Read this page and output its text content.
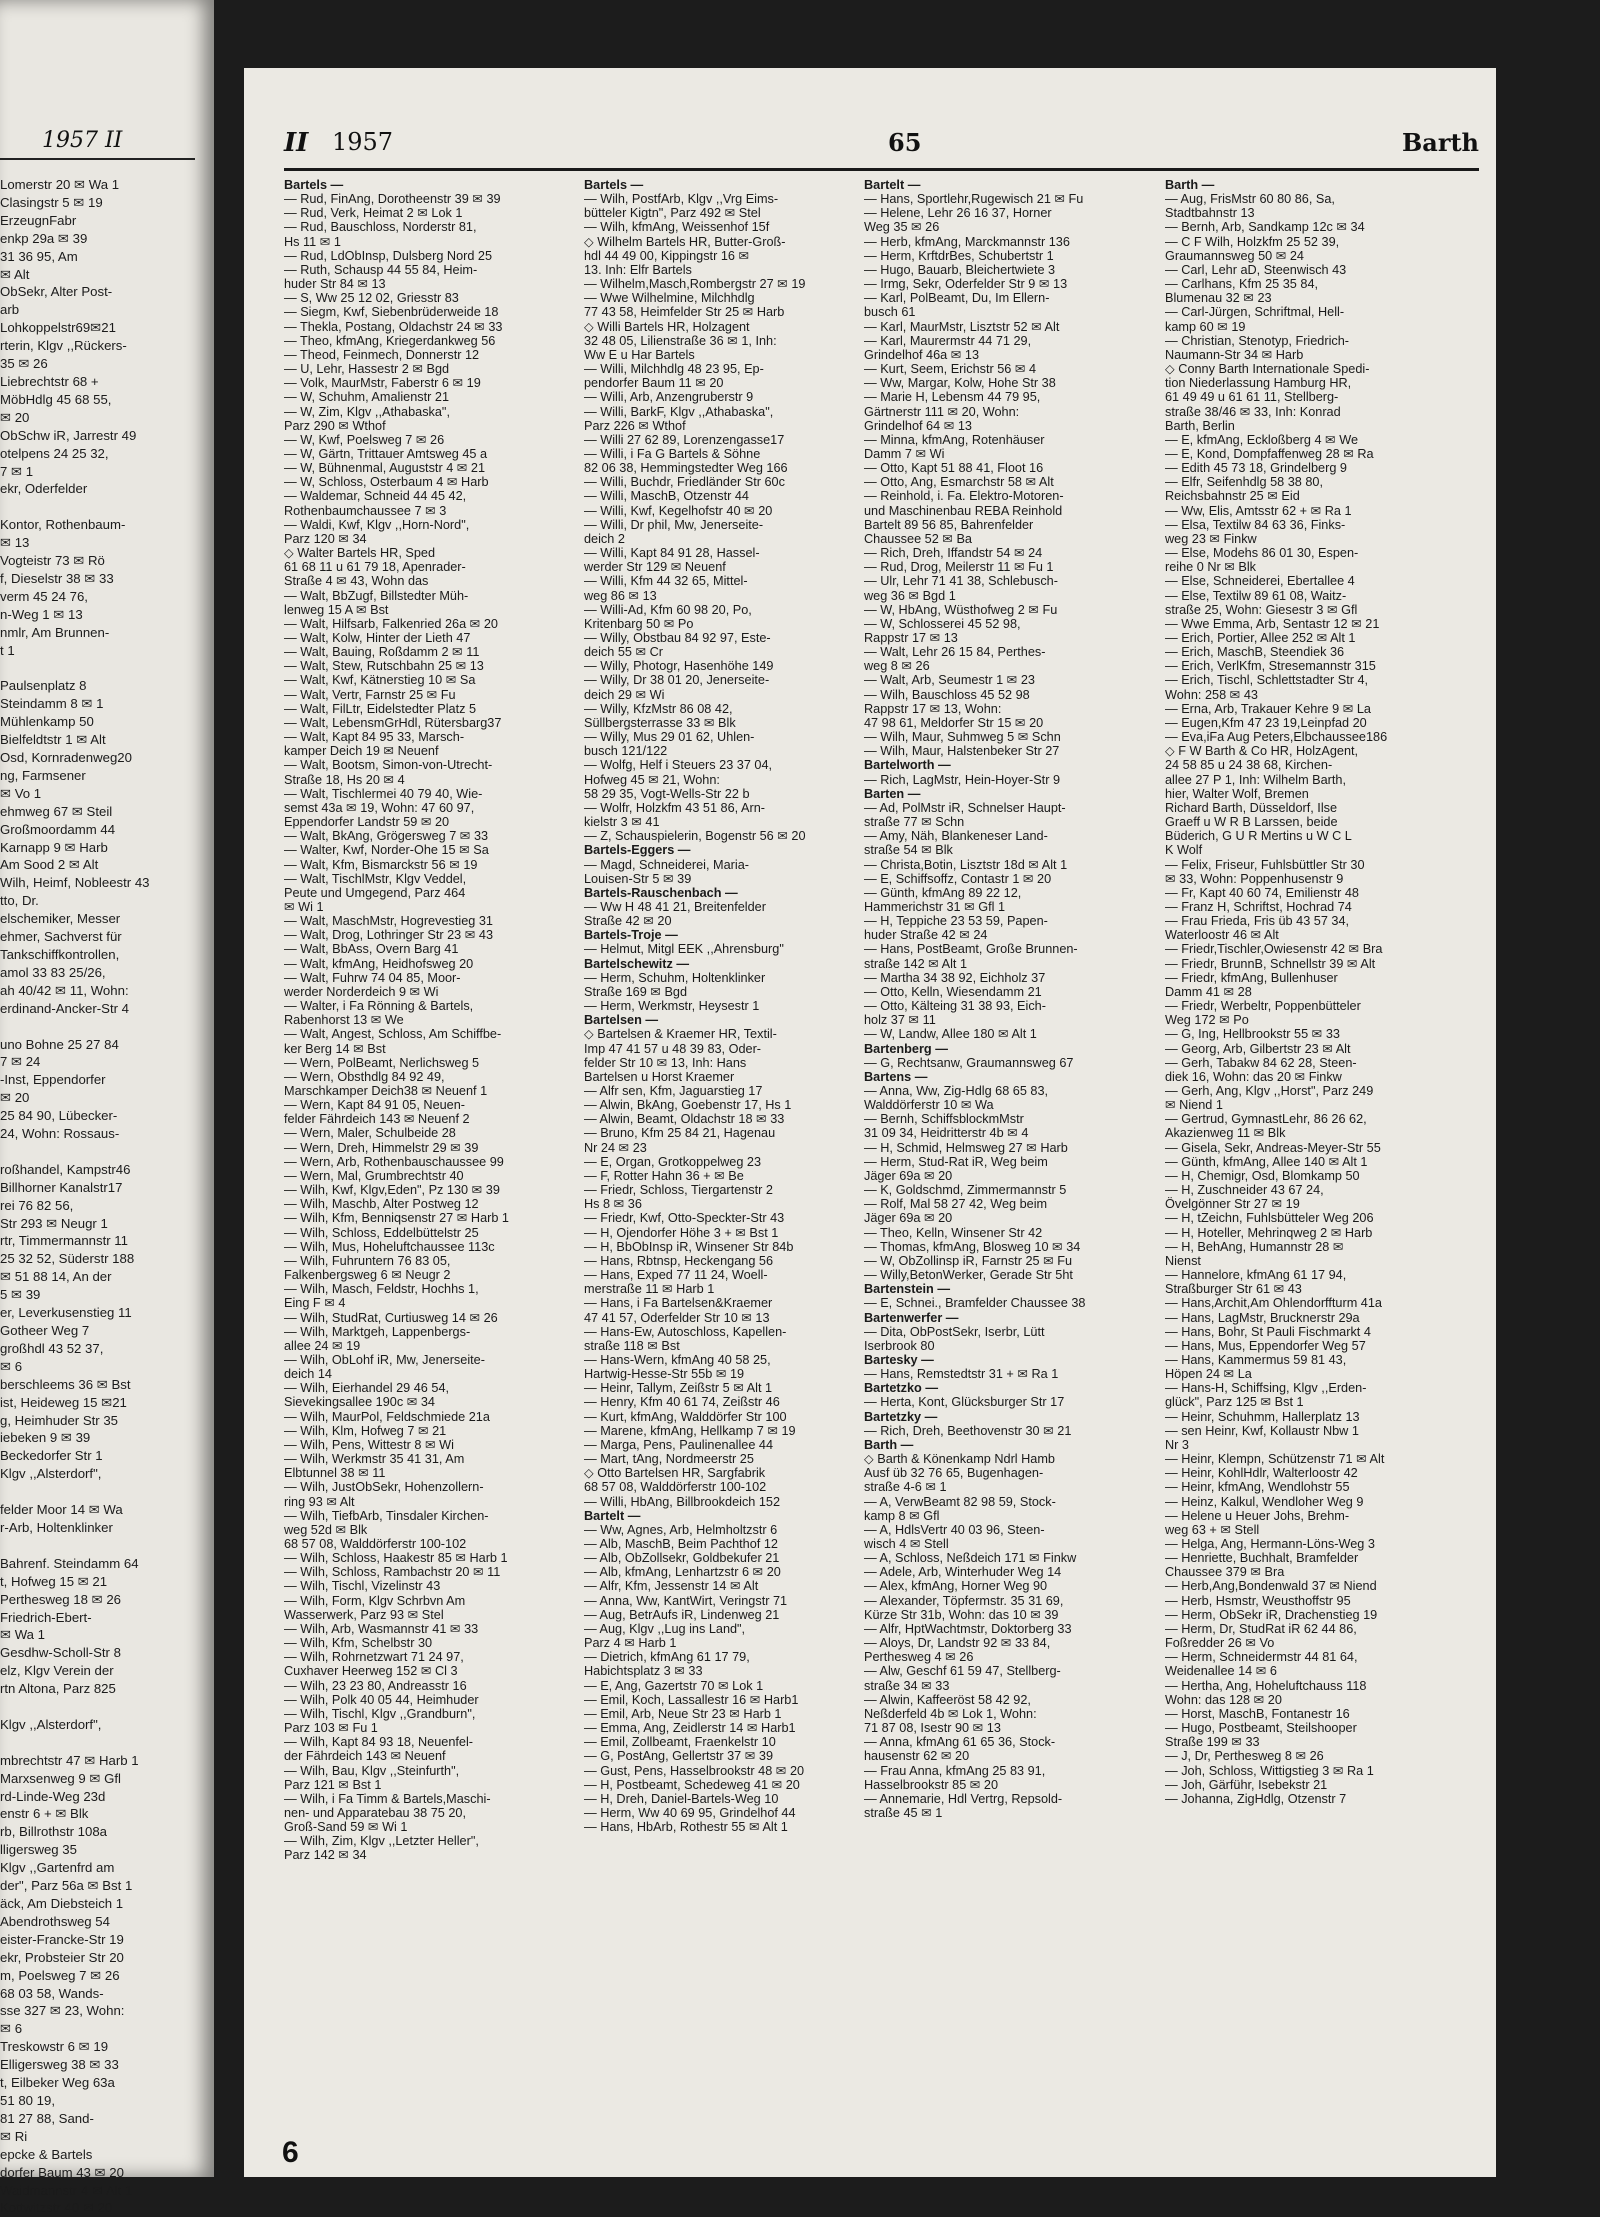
1957 II
Lomerstr 20 ✉ Wa 1
Clasingstr 5 ✉ 19
ErzeugnFabr
enkp 29a ✉ 39
31 36 95, Am
✉ Alt
ObSekr, Alter Post-
arb
Lohkoppelstr69✉21
rterin, Klgv ,,Rückers-
35 ✉ 26
Liebrechtstr 68 +
MöbHdlg 45 68 55,
✉ 20
ObSchw iR, Jarrestr 49
otelpens 24 25 32,
7 ✉ 1
ekr, Oderfelder

Kontor, Rothenbaum-
✉ 13
Vogteistr 73 ✉ Rö
f, Dieselstr 38 ✉ 33
verm 45 24 76,
n-Weg 1 ✉ 13
nmlr, Am Brunnen-
t 1

Paulsenplatz 8
Steindamm 8 ✉ 1
Mühlenkamp 50
Bielfeldtstr 1 ✉ Alt
Osd, Kornradenweg20
ng, Farmsener
✉ Vo 1
ehmweg 67 ✉ Steil
Großmoordamm 44
Karnapp 9 ✉ Harb
Am Sood 2 ✉ Alt
Wilh, Heimf, Nobleestr 43
tto, Dr.
elschemiker, Messer
ehmer, Sachverst für
Tankschiffkontrollen,
amol 33 83 25/26,
ah 40/42 ✉ 11, Wohn:
erdinand-Ancker-Str 4

uno Bohne 25 27 84
7 ✉ 24
-Inst, Eppendorfer
✉ 20
25 84 90, Lübecker-
24, Wohn: Rossaus-

roßhandel, Kampstr46
Billhorner Kanalstr17
rei 76 82 56,
Str 293 ✉ Neugr 1
rtr, Timmermannstr 11
25 32 52, Süderstr 188
✉ 51 88 14, An der
5 ✉ 39
er, Leverkusenstieg 11
Gotheer Weg 7
großhdl 43 52 37,
✉ 6
berschleems 36 ✉ Bst
ist, Heideweg 15 ✉21
g, Heimhuder Str 35
iebeken 9 ✉ 39
Beckedorfer Str 1
Klgv ,,Alsterdorf",

felder Moor 14 ✉ Wa
r-Arb, Holtenklinker

Bahrenf. Steindamm 64
t, Hofweg 15 ✉ 21
Perthesweg 18 ✉ 26
Friedrich-Ebert-
✉ Wa 1
Gesdhw-Scholl-Str 8
elz, Klgv Verein der
rtn Altona, Parz 825

Klgv ,,Alsterdorf",

mbrechtstr 47 ✉ Harb 1
Marxsenweg 9 ✉ Gfl
rd-Linde-Weg 23d
enstr 6 + ✉ Blk
rb, Billrothstr 108a
lligersweg 35
Klgv ,,Gartenfrd am
der", Parz 56a ✉ Bst 1
äck, Am Diebsteich 1
Abendrothsweg 54
eister-Francke-Str 19
ekr, Probsteier Str 20
m, Poelsweg 7 ✉ 26
68 03 58, Wands-
sse 327 ✉ 23, Wohn:
✉ 6
Treskowstr 6 ✉ 19
Elligersweg 38 ✉ 33
t, Eilbeker Weg 63a
51 80 19,
81 27 88, Sand-
✉ Ri
epcke & Bartels
dorfer Baum 43 ✉ 20
Waidmannstr 4 ✉ Alt 1
Kottwitzstr 40 ✉ 20
II 1957	65	Barth
Bartels —
— Rud, FinAng, Dorotheenstr 39 ✉ 39
— Rud, Verk, Heimat 2 ✉ Lok 1
— Rud, Bauschloss, Norderstr 81,
Hs 11 ✉ 1
— Rud, LdObInsp, Dulsberg Nord 25
— Ruth, Schausp 44 55 84, Heim-
huder Str 84 ✉ 13
— S, Ww 25 12 02, Griesstr 83
— Siegm, Kwf, Siebenbrüderweide 18
— Thekla, Postang, Oldachstr 24 ✉ 33
— Theo, kfmAng, Kriegerdankweg 56
— Theod, Feinmech, Donnerstr 12
— U, Lehr, Hassestr 2 ✉ Bgd
— Volk, MaurMstr, Faberstr 6 ✉ 19
— W, Schuhm, Amalienstr 21
— W, Zim, Klgv ,,Athabaska",
Parz 290 ✉ Wthof
— W, Kwf, Poelsweg 7 ✉ 26
— W, Gärtn, Trittauer Amtsweg 45 a
— W, Bühnenmal, Auguststr 4 ✉ 21
— W, Schloss, Osterbaum 4 ✉ Harb
— Waldemar, Schneid 44 45 42,
Rothenbaumchaussee 7 ✉ 3
— Waldi, Kwf, Klgv ,,Horn-Nord",
Parz 120 ✉ 34
◇ Walter Bartels HR, Sped
61 68 11 u 61 79 18, Apenrader-
Straße 4 ✉ 43, Wohn das
— Walt, BbZugf, Billstedter Müh-
lenweg 15 A ✉ Bst
— Walt, Hilfsarb, Falkenried 26a ✉ 20
— Walt, Kolw, Hinter der Lieth 47
— Walt, Bauing, Roßdamm 2 ✉ 11
— Walt, Stew, Rutschbahn 25 ✉ 13
— Walt, Kwf, Kätnerstieg 10 ✉ Sa
— Walt, Vertr, Farnstr 25 ✉ Fu
— Walt, FilLtr, Eidelstedter Platz 5
— Walt, LebensmGrHdl, Rütersbarg37
— Walt, Kapt 84 95 33, Marsch-
kamper Deich 19 ✉ Neuenf
— Walt, Bootsm, Simon-von-Utrecht-
Straße 18, Hs 20 ✉ 4
— Walt, Tischlermei 40 79 40, Wie-
semst 43a ✉ 19, Wohn: 47 60 97,
Eppendorfer Landstr 59 ✉ 20
— Walt, BkAng, Grögersweg 7 ✉ 33
— Walter, Kwf, Norder-Ohe 15 ✉ Sa
— Walt, Kfm, Bismarckstr 56 ✉ 19
— Walt, TischlMstr, Klgv Veddel,
Peute und Umgegend, Parz 464
✉ Wi 1
— Walt, MaschMstr, Hogrevestieg 31
— Walt, Drog, Lothringer Str 23 ✉ 43
— Walt, BbAss, Overn Barg 41
— Walt, kfmAng, Heidhofsweg 20
— Walt, Fuhrw 74 04 85, Moor-
werder Norderdeich 9 ✉ Wi
— Walter, i Fa Rönning & Bartels,
Rabenhorst 13 ✉ We
— Walt, Angest, Schloss, Am Schiffbe-
ker Berg 14 ✉ Bst
— Wern, PolBeamt, Nerlichsweg 5
— Wern, Obsthdlg 84 92 49,
Marschkamper Deich38 ✉ Neuenf 1
— Wern, Kapt 84 91 05, Neuen-
felder Fährdeich 143 ✉ Neuenf 2
— Wern, Maler, Schulbeide 28
— Wern, Dreh, Himmelstr 29 ✉ 39
— Wern, Arb, Rothenbauschaussee 99
— Wern, Mal, Grumbrechtstr 40
— Wilh, Kwf, Klgv,Eden", Pz 130 ✉ 39
— Wilh, Maschb, Alter Postweg 12
— Wilh, Kfm, Benniqsenstr 27 ✉ Harb 1
— Wilh, Schloss, Eddelbüttelstr 25
— Wilh, Mus, Hoheluftchaussee 113c
— Wilh, Fuhruntern 76 83 05,
Falkenbergsweg 6 ✉ Neugr 2
— Wilh, Masch, Feldstr, Hochhs 1,
Eing F ✉ 4
— Wilh, StudRat, Curtiusweg 14 ✉ 26
— Wilh, Marktgeh, Lappenbergs-
allee 24 ✉ 19
— Wilh, ObLohf iR, Mw, Jenerseite-
deich 14
— Wilh, Eierhandel 29 46 54,
Sievekingsallee 190c ✉ 34
— Wilh, MaurPol, Feldschmiede 21a
— Wilh, Klm, Hofweg 7 ✉ 21
— Wilh, Pens, Wittestr 8 ✉ Wi
— Wilh, Werkmstr 35 41 31, Am
Elbtunnel 38 ✉ 11
— Wilh, JustObSekr, Hohenzollern-
ring 93 ✉ Alt
— Wilh, TiefbArb, Tinsdaler Kirchen-
weg 52d ✉ Blk
68 57 08, Walddörferstr 100-102
— Wilh, Schloss, Haakestr 85 ✉ Harb 1
— Wilh, Schloss, Rambachstr 20 ✉ 11
— Wilh, Tischl, Vizelinstr 43
— Wilh, Form, Klgv Schrbvn Am
Wasserwerk, Parz 93 ✉ Stel
— Wilh, Arb, Wasmannstr 41 ✉ 33
— Wilh, Kfm, Schelbstr 30
— Wilh, Rohrnetzwart 71 24 97,
Cuxhaver Heerweg 152 ✉ Cl 3
— Wilh, 23 23 80, Andreasstr 16
— Wilh, Polk 40 05 44, Heimhuder
— Wilh, Tischl, Klgv ,,Grandburn",
Parz 103 ✉ Fu 1
— Wilh, Kapt 84 93 18, Neuenfel-
der Fährdeich 143 ✉ Neuenf
— Wilh, Bau, Klgv ,,Steinfurth",
Parz 121 ✉ Bst 1
— Wilh, i Fa Timm & Bartels,Maschi-
nen- und Apparatebau 38 75 20,
Groß-Sand 59 ✉ Wi 1
— Wilh, Zim, Klgv ,,Letzter Heller",
Parz 142 ✉ 34
Bartels —
— Wilh, PostfArb, Klgv ,,Vrg Eims-
bütteler Kigtn", Parz 492 ✉ Stel
— Wilh, kfmAng, Weissenhof 15f
◇ Wilhelm Bartels HR, Butter-Groß-
hdl 44 49 00, Kippingstr 16 ✉
13. Inh: Elfr Bartels
— Wilhelm,Masch,Rombergstr 27 ✉ 19
— Wwe Wilhelmine, Milchhdlg
77 43 58, Heimfelder Str 25 ✉ Harb
◇ Willi Bartels HR, Holzagent
32 48 05, Lilienstraße 36 ✉ 1, Inh:
Ww E u Har Bartels
— Willi, Milchhdlg 48 23 95, Ep-
pendorfer Baum 11 ✉ 20
— Willi, Arb, Anzengruberstr 9
— Willi, BarkF, Klgv ,,Athabaska",
Parz 226 ✉ Wthof
— Willi 27 62 89, Lorenzengasse17
— Willi, i Fa G Bartels & Söhne
82 06 38, Hemmingstedter Weg 166
— Willi, Buchdr, Friedländer Str 60c
— Willi, MaschB, Otzenstr 44
— Willi, Kwf, Kegelhofstr 40 ✉ 20
— Willi, Dr phil, Mw, Jenerseite-
deich 2
— Willi, Kapt 84 91 28, Hassel-
werder Str 129 ✉ Neuenf
— Willi, Kfm 44 32 65, Mittel-
weg 86 ✉ 13
— Willi-Ad, Kfm 60 98 20, Po,
Kritenbarg 50 ✉ Po
— Willy, Obstbau 84 92 97, Este-
deich 55 ✉ Cr
— Willy, Photogr, Hasenhöhe 149
— Willy, Dr 38 01 20, Jenerseite-
deich 29 ✉ Wi
— Willy, KfzMstr 86 08 42,
Süllbergsterrasse 33 ✉ Blk
— Willy, Mus 29 01 62, Uhlen-
busch 121/122
— Wolfg, Helf i Steuers 23 37 04,
Hofweg 45 ✉ 21, Wohn:
58 29 35, Vogt-Wells-Str 22 b
— Wolfr, Holzkfm 43 51 86, Arn-
kielstr 3 ✉ 41
— Z, Schauspielerin, Bogenstr 56 ✉ 20
Bartels-Eggers —
— Magd, Schneiderei, Maria-
Louisen-Str 5 ✉ 39
Bartels-Rauschenbach —
— Ww H 48 41 21, Breitenfelder
Straße 42 ✉ 20
Bartels-Troje —
— Helmut, Mitgl EEK ,,Ahrensburg"
Bartelschewitz —
— Herm, Schuhm, Holtenklinker
Straße 169 ✉ Bgd
— Herm, Werkmstr, Heysestr 1
Bartelsen —
◇ Bartelsen & Kraemer HR, Textil-
Imp 47 41 57 u 48 39 83, Oder-
felder Str 10 ✉ 13, Inh: Hans
Bartelsen u Horst Kraemer
— Alfr sen, Kfm, Jaguarstieg 17
— Alwin, BkAng, Goebenstr 17, Hs 1
— Alwin, Beamt, Oldachstr 18 ✉ 33
— Bruno, Kfm 25 84 21, Hagenau
Nr 24 ✉ 23
— E, Organ, Grotkoppelweg 23
— F, Rotter Hahn 36 + ✉ Be
— Friedr, Schloss, Tiergartenstr 2
Hs 8 ✉ 36
— Friedr, Kwf, Otto-Speckter-Str 43
— H, Ojendorfer Höhe 3 + ✉ Bst 1
— H, BbObInsp iR, Winsener Str 84b
— Hans, Rbtnsp, Heckengang 56
— Hans, Exped 77 11 24, Woell-
merstraße 11 ✉ Harb 1
— Hans, i Fa Bartelsen&Kraemer
47 41 57, Oderfelder Str 10 ✉ 13
— Hans-Ew, Autoschloss, Kapellen-
straße 118 ✉ Bst
— Hans-Wern, kfmAng 40 58 25,
Hartwig-Hesse-Str 55b ✉ 19
— Heinr, Tallym, Zeißstr 5 ✉ Alt 1
— Henry, Kfm 40 61 74, Zeißstr 46
— Kurt, kfmAng, Walddörfer Str 100
— Marene, kfmAng, Hellkamp 7 ✉ 19
— Marga, Pens, Paulinenallee 44
— Mart, tAng, Nordmeerstr 25
◇ Otto Bartelsen HR, Sargfabrik
68 57 08, Walddörferstr 100-102
— Willi, HbAng, Billbrookdeich 152
Bartelt —
— Ww, Agnes, Arb, Helmholtzstr 6
— Alb, MaschB, Beim Pachthof 12
— Alb, ObZollsekr, Goldbekufer 21
— Alb, kfmAng, Lenhartzstr 6 ✉ 20
— Alfr, Kfm, Jessenstr 14 ✉ Alt
— Anna, Ww, KantWirt, Veringstr 71
— Aug, BetrAufs iR, Lindenweg 21
— Aug, Klgv ,,Lug ins Land",
Parz 4 ✉ Harb 1
— Dietrich, kfmAng 61 17 79,
Habichtsplatz 3 ✉ 33
— E, Ang, Gazertstr 70 ✉ Lok 1
— Emil, Koch, Lassallestr 16 ✉ Harb1
— Emil, Arb, Neue Str 23 ✉ Harb 1
— Emma, Ang, Zeidlerstr 14 ✉ Harb1
— Emil, Zollbeamt, Fraenkelstr 10
— G, PostAng, Gellertstr 37 ✉ 39
— Gust, Pens, Hasselbrookstr 48 ✉ 20
— H, Postbeamt, Schedeweg 41 ✉ 20
— H, Dreh, Daniel-Bartels-Weg 10
— Herm, Ww 40 69 95, Grindelhof 44
— Hans, HbArb, Rothestr 55 ✉ Alt 1
Bartelt —
— Hans, Sportlehr,Rugewisch 21 ✉ Fu
— Helene, Lehr 26 16 37, Horner
Weg 35 ✉ 26
— Herb, kfmAng, Marckmannstr 136
— Herm, KrftdrBes, Schubertstr 1
— Hugo, Bauarb, Bleichertwiete 3
— Irmg, Sekr, Oderfelder Str 9 ✉ 13
— Karl, PolBeamt, Du, Im Ellern-
busch 61
— Karl, MaurMstr, Lisztstr 52 ✉ Alt
— Karl, Maurermstr 44 71 29,
Grindelhof 46a ✉ 13
— Kurt, Seem, Erichstr 56 ✉ 4
— Ww, Margar, Kolw, Hohe Str 38
— Marie H, Lebensm 44 79 95,
Gärtnerstr 111 ✉ 20, Wohn:
Grindelhof 64 ✉ 13
— Minna, kfmAng, Rotenhäuser
Damm 7 ✉ Wi
— Otto, Kapt 51 88 41, Floot 16
— Otto, Ang, Esmarchstr 58 ✉ Alt
— Reinhold, i. Fa. Elektro-Motoren-
und Maschinenbau REBA Reinhold
Bartelt 89 56 85, Bahrenfelder
Chaussee 52 ✉ Ba
— Rich, Dreh, Iffandstr 54 ✉ 24
— Rud, Drog, Meilerstr 11 ✉ Fu 1
— Ulr, Lehr 71 41 38, Schlebusch-
weg 36 ✉ Bgd 1
— W, HbAng, Wüsthofweg 2 ✉ Fu
— W, Schlosserei 45 52 98,
Rappstr 17 ✉ 13
— Walt, Lehr 26 15 84, Perthes-
weg 8 ✉ 26
— Walt, Arb, Seumestr 1 ✉ 23
— Wilh, Bauschloss 45 52 98
Rappstr 17 ✉ 13, Wohn:
47 98 61, Meldorfer Str 15 ✉ 20
— Wilh, Maur, Suhmweg 5 ✉ Schn
— Wilh, Maur, Halstenbeker Str 27
Bartelworth —
— Rich, LagMstr, Hein-Hoyer-Str 9
Barten —
— Ad, PolMstr iR, Schnelser Haupt-
straße 77 ✉ Schn
— Amy, Näh, Blankeneser Land-
straße 54 ✉ Blk
— Christa,Botin, Lisztstr 18d ✉ Alt 1
— E, Schiffsoffz, Contastr 1 ✉ 20
— Günth, kfmAng 89 22 12,
Hammerichstr 31 ✉ Gfl 1
— H, Teppiche 23 53 59, Papen-
huder Straße 42 ✉ 24
— Hans, PostBeamt, Große Brunnen-
straße 142 ✉ Alt 1
— Martha 34 38 92, Eichholz 37
— Otto, Kelln, Wiesendamm 21
— Otto, Kälteing 31 38 93, Eich-
holz 37 ✉ 11
— W, Landw, Allee 180 ✉ Alt 1
Bartenberg —
— G, Rechtsanw, Graumannsweg 67
Bartens —
— Anna, Ww, Zig-Hdlg 68 65 83,
Walddörferstr 10 ✉ Wa
— Bernh, SchiffsblockmMstr
31 09 34, Heidritterstr 4b ✉ 4
— H, Schmid, Helmsweg 27 ✉ Harb
— Herm, Stud-Rat iR, Weg beim
Jäger 69a ✉ 20
— K, Goldschmd, Zimmermannstr 5
— Rolf, Mal 58 27 42, Weg beim
Jäger 69a ✉ 20
— Theo, Kelln, Winsener Str 42
— Thomas, kfmAng, Blosweg 10 ✉ 34
— W, ObZollinsp iR, Farnstr 25 ✉ Fu
— Willy,BetonWerker, Gerade Str 5ht
Bartenstein —
— E, Schnei., Bramfelder Chaussee 38
Bartenwerfer —
— Dita, ObPostSekr, Iserbr, Lütt
Iserbrook 80
Bartesky —
— Hans, Remstedtstr 31 + ✉ Ra 1
Bartetzko —
— Herta, Kont, Glücksburger Str 17
Bartetzky —
— Rich, Dreh, Beethovenstr 30 ✉ 21
Barth —
◇ Barth & Könenkamp Ndrl Hamb
Ausf üb 32 76 65, Bugenhagen-
straße 4-6 ✉ 1
— A, VerwBeamt 82 98 59, Stock-
kamp 8 ✉ Gfl
— A, HdlsVertr 40 03 96, Steen-
wisch 4 ✉ Stell
— A, Schloss, Neßdeich 171 ✉ Finkw
— Adele, Arb, Winterhuder Weg 14
— Alex, kfmAng, Horner Weg 90
— Alexander, Töpfermstr. 35 31 69,
Kürze Str 31b, Wohn: das 10 ✉ 39
— Alfr, HptWachtmstr, Doktorberg 33
— Aloys, Dr, Landstr 92 ✉ 33 84,
Perthesweg 4 ✉ 26
— Alw, Geschf 61 59 47, Stellberg-
straße 34 ✉ 33
— Alwin, Kaffeeröst 58 42 92,
Neßderfeld 4b ✉ Lok 1, Wohn:
71 87 08, Isestr 90 ✉ 13
— Anna, kfmAng 61 65 36, Stock-
hausenstr 62 ✉ 20
— Frau Anna, kfmAng 25 83 91,
Hasselbrookstr 85 ✉ 20
— Annemarie, Hdl Vertrg, Repsold-
straße 45 ✉ 1
Barth —
— Aug, FrisMstr 60 80 86, Sa,
Stadtbahnstr 13
— Bernh, Arb, Sandkamp 12c ✉ 34
— C F Wilh, Holzkfm 25 52 39,
Graumannsweg 50 ✉ 24
— Carl, Lehr aD, Steenwisch 43
— Carlhans, Kfm 25 35 84,
Blumenau 32 ✉ 23
— Carl-Jürgen, Schriftmal, Hell-
kamp 60 ✉ 19
— Christian, Stenotyp, Friedrich-
Naumann-Str 34 ✉ Harb
◇ Conny Barth Internationale Spedi-
tion Niederlassung Hamburg HR,
61 49 49 u 61 61 11, Stellberg-
straße 38/46 ✉ 33, Inh: Konrad
Barth, Berlin
— E, kfmAng, Eckloßberg 4 ✉ We
— E, Kond, Dompfaffenweg 28 ✉ Ra
— Edith 45 73 18, Grindelberg 9
— Elfr, Seifenhdlg 58 38 80,
Reichsbahnstr 25 ✉ Eid
— Ww, Elis, Amtsstr 62 + ✉ Ra 1
— Elsa, Textilw 84 63 36, Finks-
weg 23 ✉ Finkw
— Else, Modehs 86 01 30, Espen-
reihe 0 Nr ✉ Blk
— Else, Schneiderei, Ebertallee 4
— Else, Textilw 89 61 08, Waitz-
straße 25, Wohn: Giesestr 3 ✉ Gfl
— Wwe Emma, Arb, Sentastr 12 ✉ 21
— Erich, Portier, Allee 252 ✉ Alt 1
— Erich, MaschB, Steendiek 36
— Erich, VerlKfm, Stresemannstr 315
— Erich, Tischl, Schlettstadter Str 4,
Wohn: 258 ✉ 43
— Erna, Arb, Trakauer Kehre 9 ✉ La
— Eugen,Kfm 47 23 19,Leinpfad 20
— Eva,iFa Aug Peters,Elbchaussee186
◇ F W Barth & Co HR, HolzAgent,
24 58 85 u 24 38 68, Kirchen-
allee 27 P 1, Inh: Wilhelm Barth,
hier, Walter Wolf, Bremen
Richard Barth, Düsseldorf, Ilse
Graeff u W R B Larssen, beide
Büderich, G U R Mertins u W C L
K Wolf
— Felix, Friseur, Fuhlsbüttler Str 30
✉ 33, Wohn: Poppenhusenstr 9
— Fr, Kapt 40 60 74, Emilienstr 48
— Franz H, Schriftst, Hochrad 74
— Frau Frieda, Fris üb 43 57 34,
Waterloostr 46 ✉ Alt
— Friedr,Tischler,Owiesenstr 42 ✉ Bra
— Friedr, BrunnB, Schnellstr 39 ✉ Alt
— Friedr, kfmAng, Bullenhuser
Damm 41 ✉ 28
— Friedr, Werbeltr, Poppenbütteler
Weg 172 ✉ Po
— G, Ing, Hellbrookstr 55 ✉ 33
— Georg, Arb, Gilbertstr 23 ✉ Alt
— Gerh, Tabakw 84 62 28, Steen-
diek 16, Wohn: das 20 ✉ Finkw
— Gerh, Ang, Klgv ,,Horst", Parz 249
✉ Niend 1
— Gertrud, GymnastLehr, 86 26 62,
Akazienweg 11 ✉ Blk
— Gisela, Sekr, Andreas-Meyer-Str 55
— Günth, kfmAng, Allee 140 ✉ Alt 1
— H, Chemigr, Osd, Blomkamp 50
— H, Zuschneider 43 67 24,
Övelgönner Str 27 ✉ 19
— H, tZeichn, Fuhlsbütteler Weg 206
— H, Hoteller, Mehrinqweg 2 ✉ Harb
— H, BehAng, Humannstr 28 ✉
Nienst
— Hannelore, kfmAng 61 17 94,
Straßburger Str 61 ✉ 43
— Hans,Archit,Am Ohlendorffturm 41a
— Hans, LagMstr, Brucknerstr 29a
— Hans, Bohr, St Pauli Fischmarkt 4
— Hans, Mus, Eppendorfer Weg 57
— Hans, Kammermus 59 81 43,
Höpen 24 ✉ La
— Hans-H, Schiffsing, Klgv ,,Erden-
glück", Parz 125 ✉ Bst 1
— Heinr, Schuhmm, Hallerplatz 13
— sen Heinr, Kwf, Kollaustr Nbw 1
Nr 3
— Heinr, Klempn, Schützenstr 71 ✉ Alt
— Heinr, KohlHdlr, Walterloostr 42
— Heinr, kfmAng, Wendlohstr 55
— Heinz, Kalkul, Wendloher Weg 9
— Helene u Heuer Johs, Brehm-
weg 63 + ✉ Stell
— Helga, Ang, Hermann-Löns-Weg 3
— Henriette, Buchhalt, Bramfelder
Chaussee 379 ✉ Bra
— Herb,Ang,Bondenwald 37 ✉ Niend
— Herb, Hsmstr, Weusthoffstr 95
— Herm, ObSekr iR, Drachenstieg 19
— Herm, Dr, StudRat iR 62 44 86,
Foßredder 26 ✉ Vo
— Herm, Schneidermstr 44 81 64,
Weidenallee 14 ✉ 6
— Hertha, Ang, Hoheluftchauss 118
Wohn: das 128 ✉ 20
— Horst, MaschB, Fontanestr 16
— Hugo, Postbeamt, Steilshooper
Straße 199 ✉ 33
— J, Dr, Perthesweg 8 ✉ 26
— Joh, Schloss, Wittigstieg 3 ✉ Ra 1
— Joh, Gärführ, Isebekstr 21
— Johanna, ZigHdlg, Otzenstr 7
6
